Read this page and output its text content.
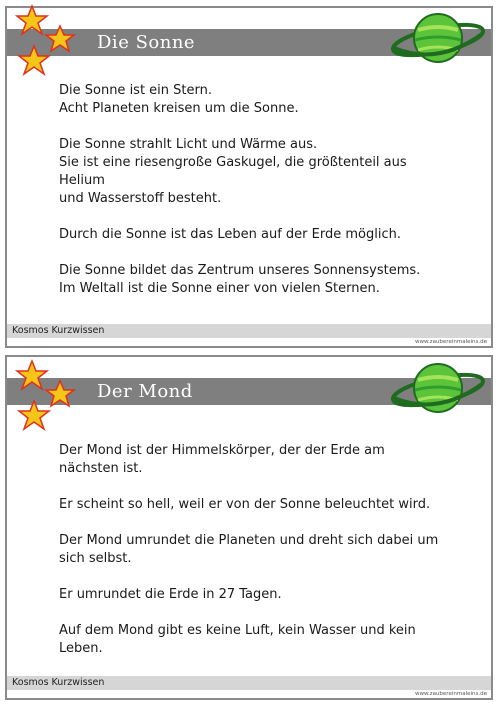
Die Sonne
Die Sonne ist ein Stern.
Acht Planeten kreisen um die Sonne.
Die Sonne strahlt Licht und Wärme aus.
Sie ist eine riesengroße Gaskugel, die größtenteil aus Helium
und Wasserstoff besteht.
Durch die Sonne ist das Leben auf der Erde möglich.
Die Sonne bildet das Zentrum unseres Sonnensystems.
Im Weltall ist die Sonne einer von vielen Sternen.
Kosmos Kurzwissen
www.zaubereinmaleins.de
Der Mond
Der Mond ist der Himmelskörper, der der Erde am
nächsten ist.
Er scheint so hell, weil er von der Sonne beleuchtet wird.
Der Mond umrundet die Planeten und dreht sich dabei um
sich selbst.
Er umrundet die Erde in 27 Tagen.
Auf dem Mond gibt es keine Luft, kein Wasser und kein
Leben.
Kosmos Kurzwissen
www.zaubereinmaleins.de
